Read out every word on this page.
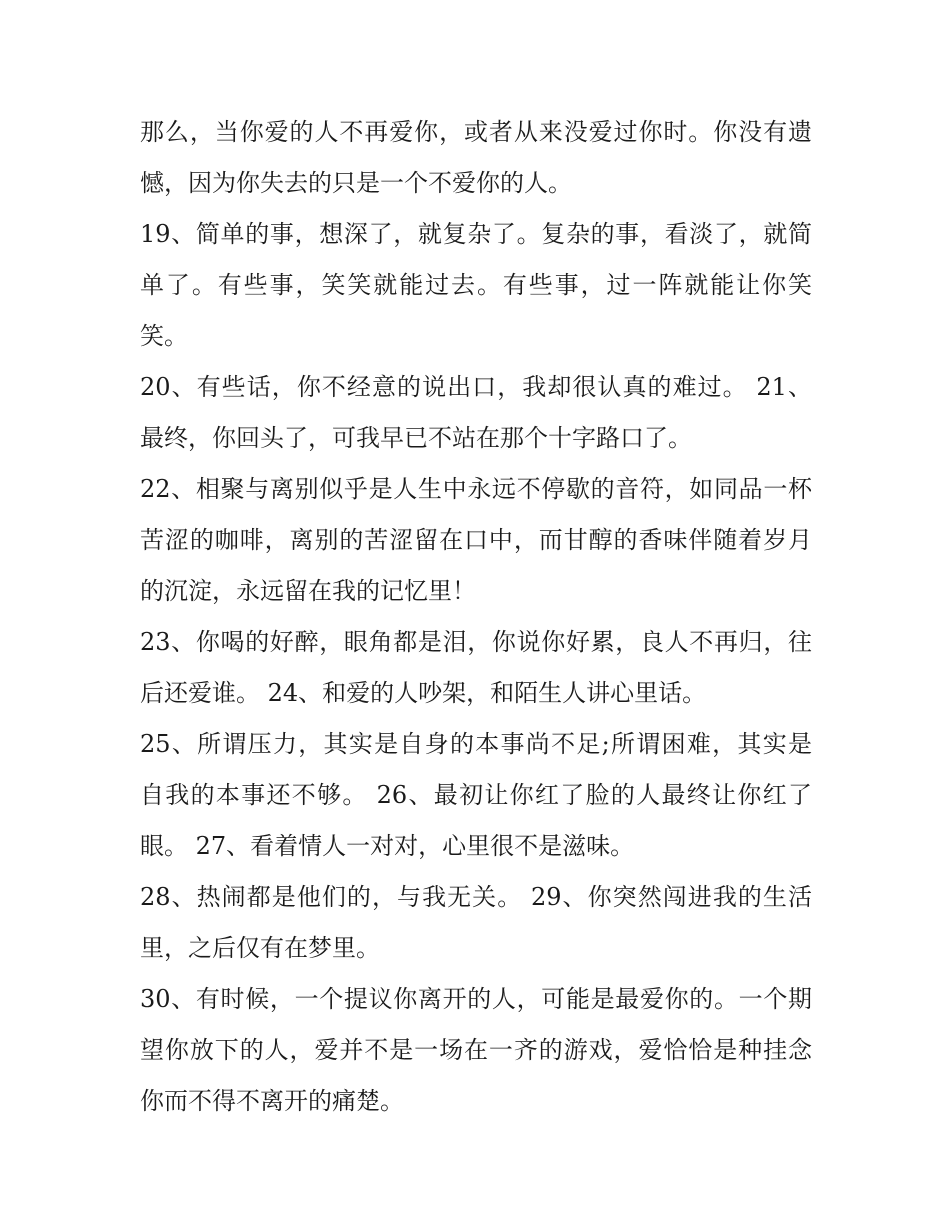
那么，当你爱的人不再爱你，或者从来没爱过你时。你没有遗
憾，因为你失去的只是一个不爱你的人。
19、简单的事，想深了，就复杂了。复杂的事，看淡了，就简
单了。有些事，笑笑就能过去。有些事，过一阵就能让你笑
笑。
20、有些话，你不经意的说出口，我却很认真的难过。 21、
最终，你回头了，可我早已不站在那个十字路口了。
22、相聚与离别似乎是人生中永远不停歇的音符，如同品一杯
苦涩的咖啡，离别的苦涩留在口中，而甘醇的香味伴随着岁月
的沉淀，永远留在我的记忆里！
23、你喝的好醉，眼角都是泪，你说你好累，良人不再归，往
后还爱谁。 24、和爱的人吵架，和陌生人讲心里话。
25、所谓压力，其实是自身的本事尚不足;所谓困难，其实是
自我的本事还不够。 26、最初让你红了脸的人最终让你红了
眼。 27、看着情人一对对，心里很不是滋味。
28、热闹都是他们的，与我无关。 29、你突然闯进我的生活
里，之后仅有在梦里。
30、有时候，一个提议你离开的人，可能是最爱你的。一个期
望你放下的人，爱并不是一场在一齐的游戏，爱恰恰是种挂念
你而不得不离开的痛楚。
